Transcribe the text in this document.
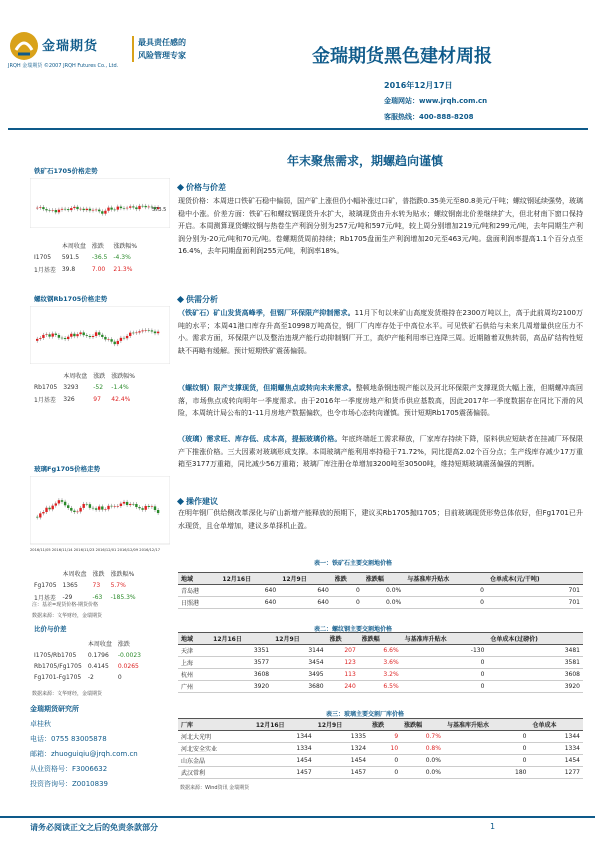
金瑞期货
JRQH 金瑞期货 ©2007 JRQH Futures Co., Ltd.
最具责任感的
风险管理专家	金瑞期货黑色建材周报
2016年12月17日
金瑞网站：www.jrqh.com.cn
客服热线：400-888-8208
年末聚焦需求，期螺趋向谨慎
铁矿石1705价格走势
573.5
	本周收盘	涨跌	涨跌幅%
I1705	591.5	-36.5	-4.3%
1月基差	39.8	7.00	21.3%
螺纹钢Rb1705价格走势
	本周收盘	涨跌	涨跌幅%
Rb1705	3293	-52	-1.4%
1月基差	326	97	42.4%
玻璃Fg1705价格走势
2016/11/05 2016/11/14 2016/11/23 2016/12/01 2016/12/09 2016/12/17
	本周收盘	涨跌	涨跌幅%
Fg1705	1365	73	5.7%
1月基差	-29	-63	-185.3%
注：基差=现货价格-期货价格
数据来源：文华财经，金瑞期货
比价与价差
	本周收盘	涨跌
I1705/Rb1705	0.1796	-0.0023
Rb1705/Fg1705	0.4145	0.0265
Fg1701-Fg1705	-2	0
数据来源：文华财经，金瑞期货
金瑞期货研究所
卓桂秋
电话：0755 83005878
邮箱：zhuoguiqiu@jrqh.com.cn
从业资格号：F3006632
投资咨询号：Z0010839
价格与价差
现货价格：本周进口铁矿石稳中偏弱，国产矿上涨但仍小幅补涨过口矿，普指跌0.35美元至80.8美元/干吨；螺纹钢延续强势，玻璃稳中小涨。价差方面：铁矿石和螺纹钢现货升水扩大，玻璃现货由升水转为贴水；螺纹钢南北价差继续扩大，但北材南下窗口保持开启。本周测算现货螺纹钢与热卷生产利润分别为257元/吨和597元/吨，较上周分别增加219元/吨和299元/吨，去年同期生产利润分别为-20元/吨和70元/吨。卷螺期货周前持续；Rb1705盘面生产利润增加20元至463元/吨。盘面利润率提高1.1个百分点至16.4%，去年同期盘面利润255元/吨，利润率18%。
供需分析
（铁矿石）矿山发货高峰季，但钢厂环保限产抑制需求。11月下旬以来矿山高度发货维持在2300万吨以上，高于此前周均2100万吨的水平；本周41港口库存升高至10998万吨高位，钢厂厂内库存处于中高位水平。可见铁矿石供给与未来几周增量供应压力不小。需求方面，环保限产以及整治违规产能行动抑制钢厂开工，高炉产能利用率已连降三周。近期随着双焦转弱，高品矿结构性短缺不再略有缓解。预计短期铁矿震荡偏弱。
（螺纹钢）限产支撑现货，但期螺焦点或转向未来需求。整顿地条钢违规产能以及河北环保限产支撑现货大幅上涨，但期螺冲高回落，市场焦点或转向明年一季度需求。由于2016年一季度房地产和货币供应基数高，因此2017年一季度数据存在同比下滑的风险，本周统计局公布的1-11月房地产数据偏软，也令市场心态转向谨慎。预计短期Rb1705震荡偏弱。
（玻璃）需求旺、库存低、成本高，提振玻璃价格。年底终端赶工需求释放，厂家库存持续下降，原料供应短缺者在挂减厂环保限产下推涨价格。三大因素对玻璃形成支撑。本周玻璃产能利用率持稳于71.72%，同比提高2.02个百分点；生产线库存减少17万重箱至3177万重箱，同比减少56万重箱；玻璃厂库注册仓单增加3200吨至30500吨，维持短期玻璃震荡偏强的判断。
操作建议
在明年钢厂供给侧改革深化与矿山新增产能释放的预期下，建议买Rb1705抛I1705；目前玻璃现货形势总体依好，但Fg1701已升水现货，且仓单增加，建议多单择机止盈。
表一：铁矿石主要交割地价格
地域	12月16日	12月9日	涨跌	涨跌幅	与基准库升贴水	仓单成本(元/干吨)
青岛港	640	640	0	0.0%	0	701
日照港	640	640	0	0.0%	0	701
表二：螺纹钢主要交割地价格
地域	12月16日	12月9日	涨跌	涨跌幅	与基准库升贴水	仓单成本(过磅价)
天津	3351	3144	207	6.6%	-130	3481
上海	3577	3454	123	3.6%	0	3581
杭州	3608	3495	113	3.2%	0	3608
广州	3920	3680	240	6.5%	0	3920
表三：玻璃主要交割厂库价格
厂库	12月16日	12月9日	涨跌	涨跌幅	与基准库升贴水	仓单成本
河北大光明	1344	1335	9	0.7%	0	1344
河北安全实业	1334	1324	10	0.8%	0	1334
山东金晶	1454	1454	0	0.0%	0	1454
武汉常利	1457	1457	0	0.0%	180	1277
数据来源：Wind资讯 金瑞期货
请务必阅读正文之后的免责条款部分	1
